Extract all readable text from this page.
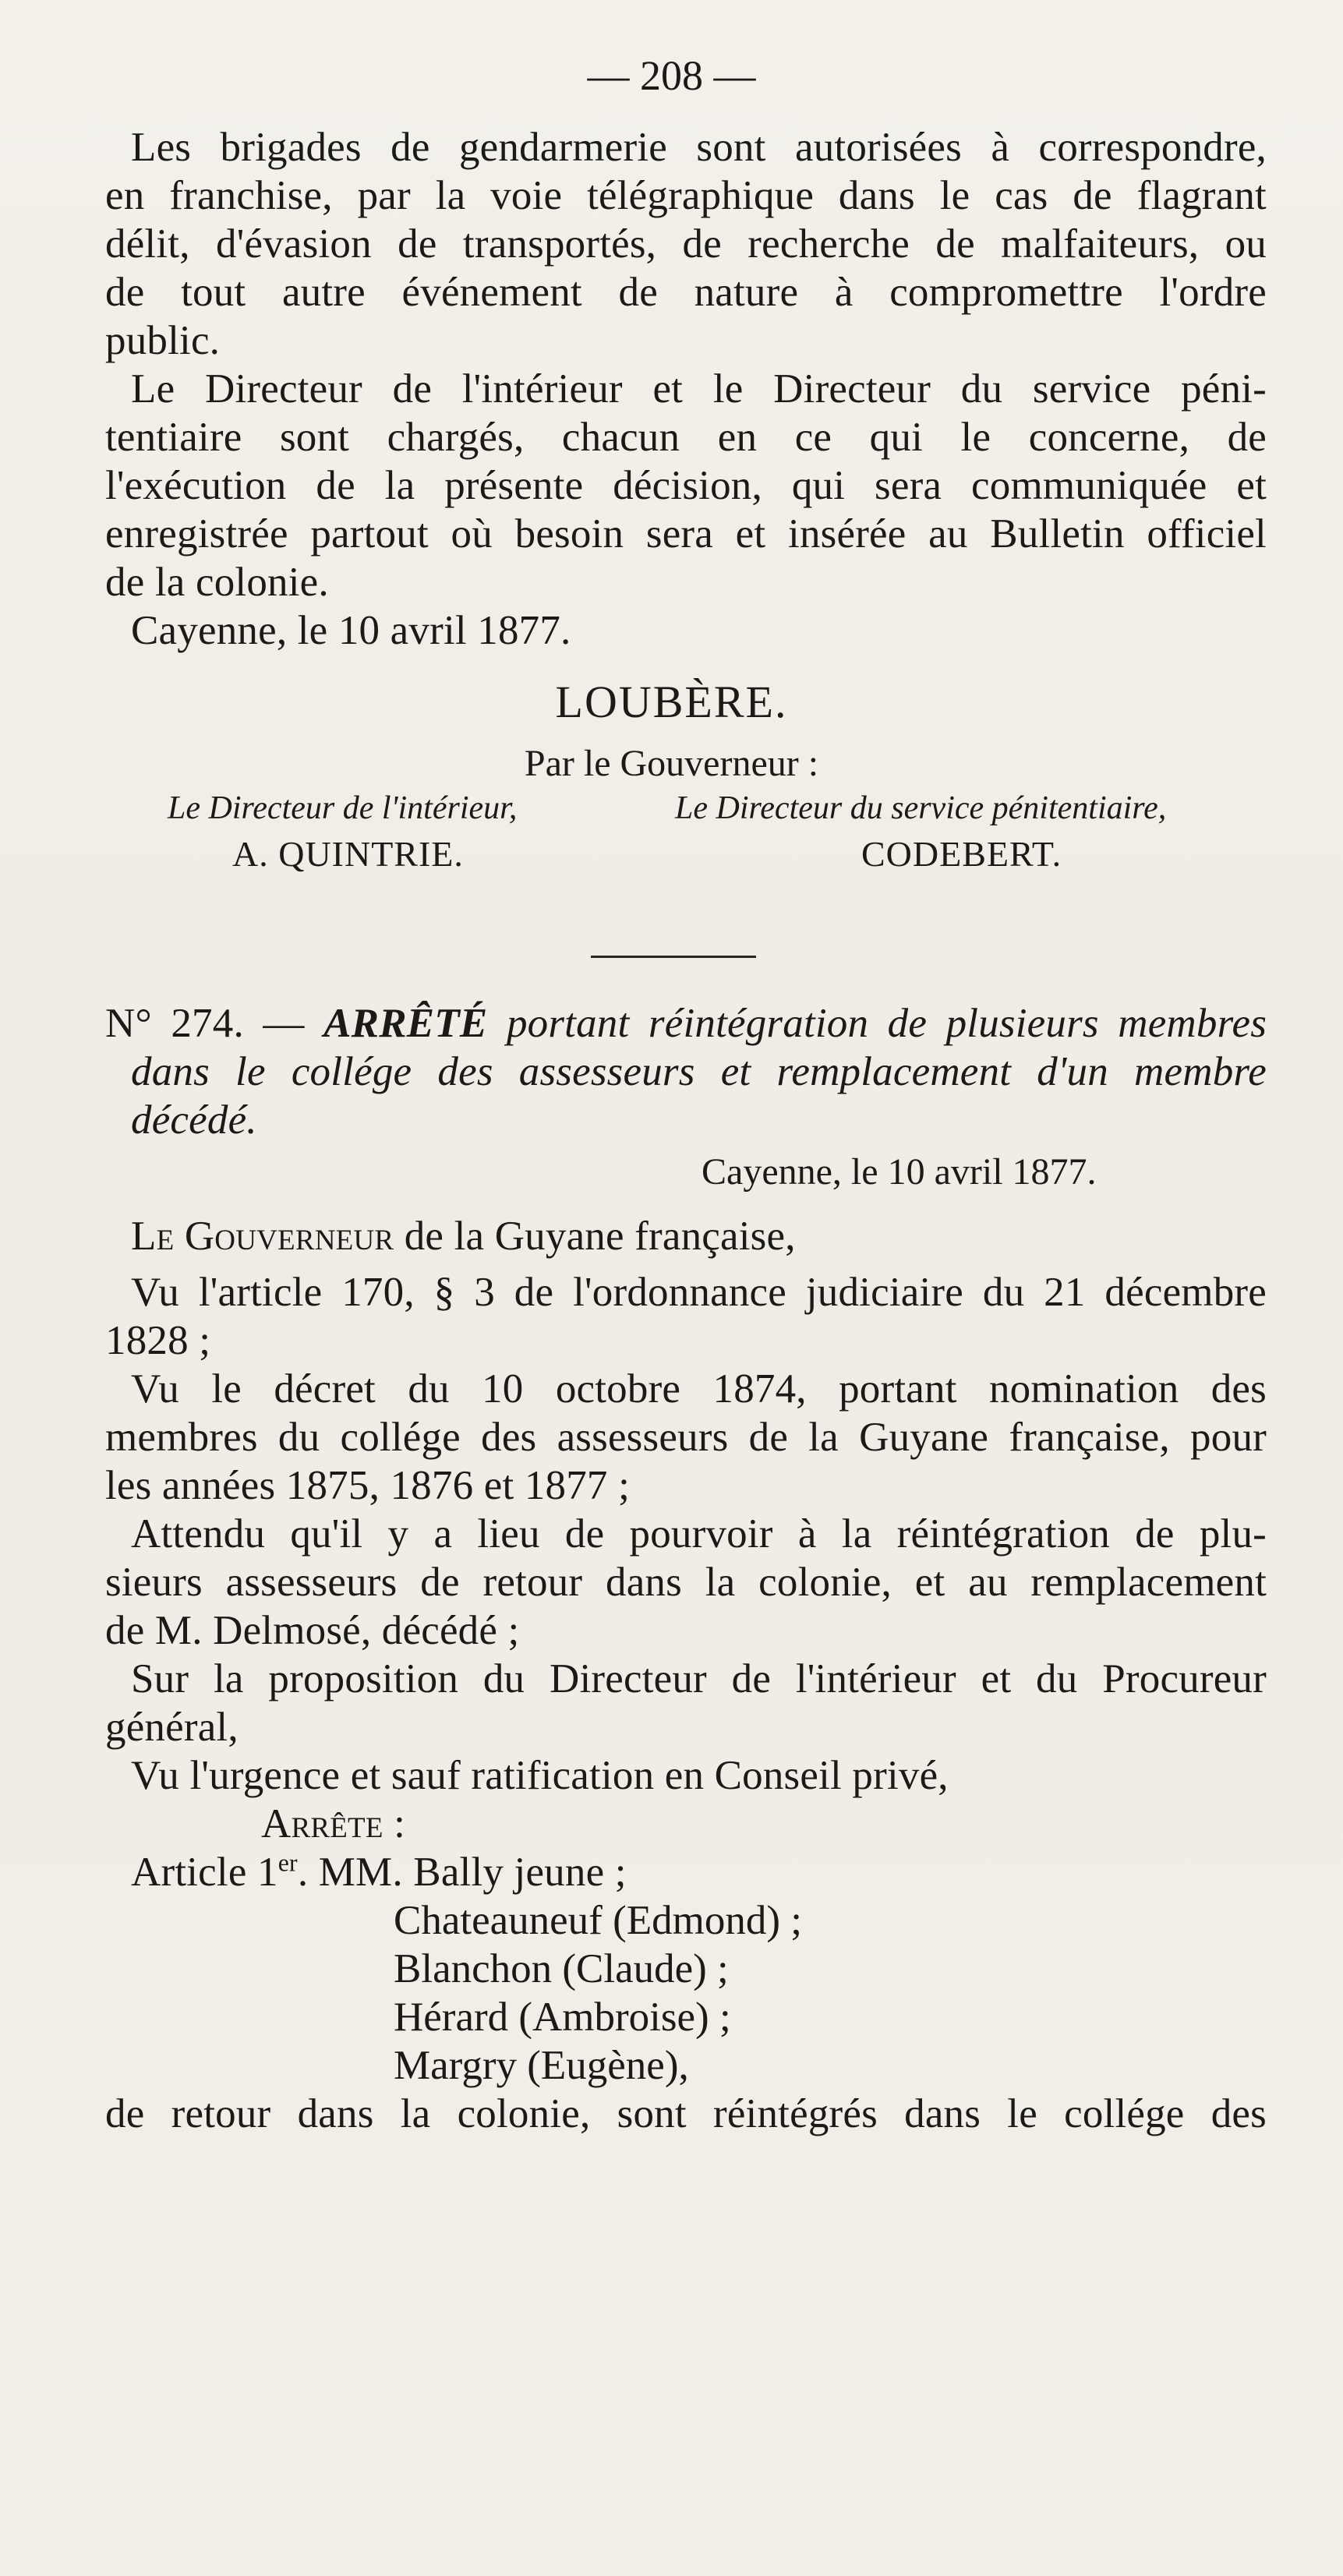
— 208 —
Les brigades de gendarmerie sont autorisées à correspondre,
en franchise, par la voie télégraphique dans le cas de flagrant
délit, d'évasion de transportés, de recherche de malfaiteurs, ou
de tout autre événement de nature à compromettre l'ordre
public.
Le Directeur de l'intérieur et le Directeur du service péni-
tentiaire sont chargés, chacun en ce qui le concerne, de
l'exécution de la présente décision, qui sera communiquée et
enregistrée partout où besoin sera et insérée au Bulletin officiel
de la colonie.
Cayenne, le 10 avril 1877.
LOUBÈRE.
Par le Gouverneur :
Le Directeur de l'intérieur,	Le Directeur du service pénitentiaire,
A. QUINTRIE.	CODEBERT.
N° 274. — ARRÊTÉ portant réintégration de plusieurs membres
dans le collége des assesseurs et remplacement d'un membre
décédé.
Cayenne, le 10 avril 1877.
Le Gouverneur de la Guyane française,
Vu l'article 170, § 3 de l'ordonnance judiciaire du 21 décembre
1828 ;
Vu le décret du 10 octobre 1874, portant nomination des
membres du collége des assesseurs de la Guyane française, pour
les années 1875, 1876 et 1877 ;
Attendu qu'il y a lieu de pourvoir à la réintégration de plu-
sieurs assesseurs de retour dans la colonie, et au remplacement
de M. Delmosé, décédé ;
Sur la proposition du Directeur de l'intérieur et du Procureur
général,
Vu l'urgence et sauf ratification en Conseil privé,
Arrête :
Article 1er. MM. Bally jeune ;
Chateauneuf (Edmond) ;
Blanchon (Claude) ;
Hérard (Ambroise) ;
Margry (Eugène),
de retour dans la colonie, sont réintégrés dans le collége des
